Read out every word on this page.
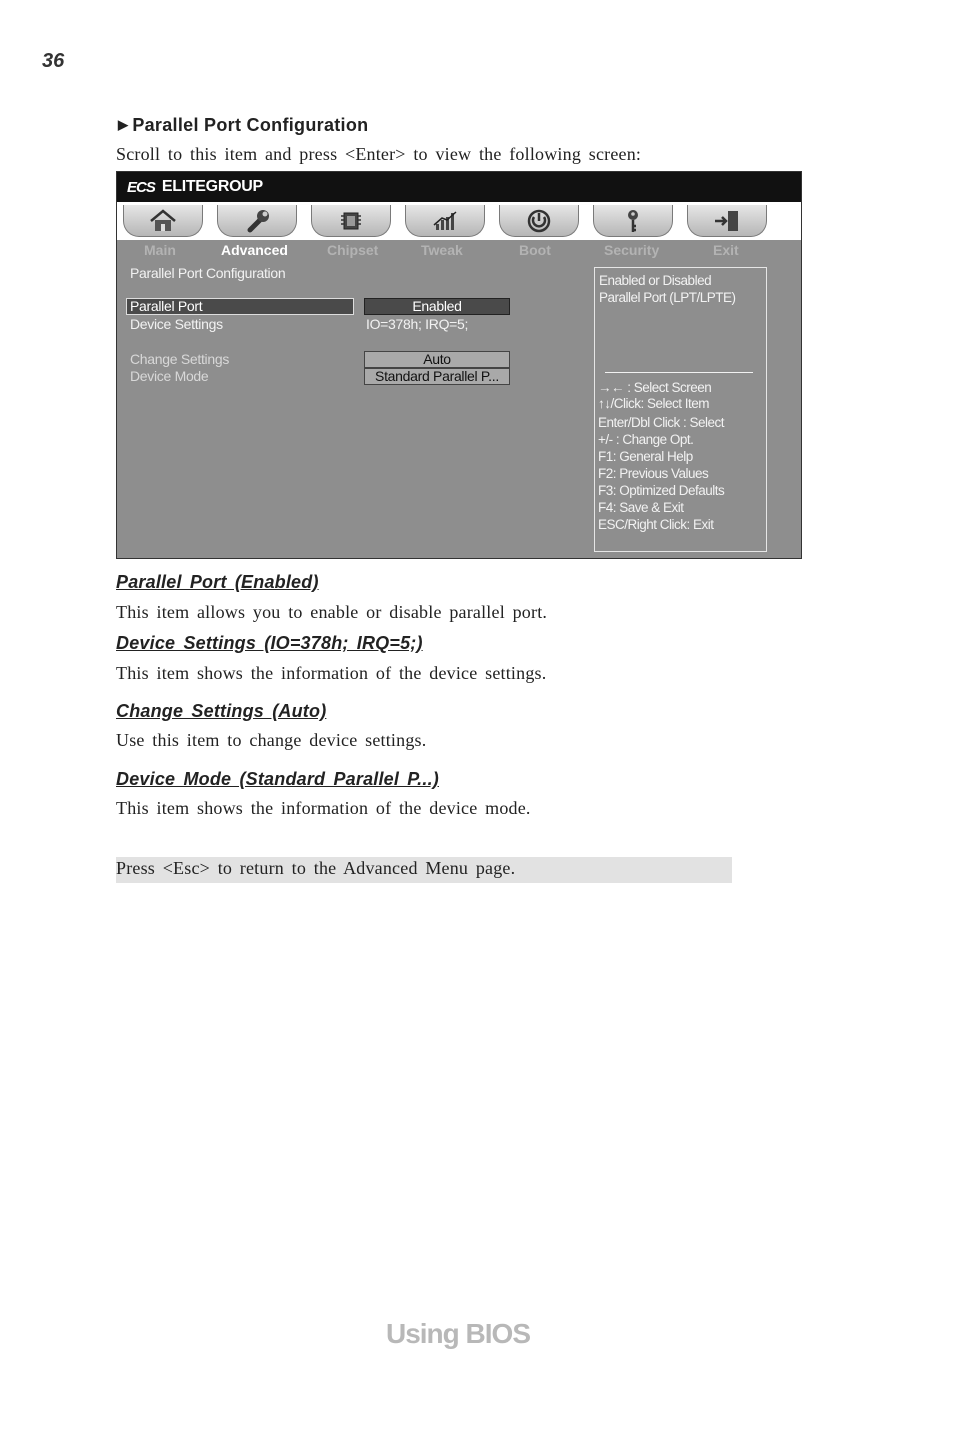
36
▶ Parallel Port Configuration
Scroll to this item and press <Enter> to view the following screen:
ECS ELITEGROUP
Main	Advanced	Chipset	Tweak	Boot	Security	Exit
Parallel Port Configuration
Parallel Port	Enabled
Device Settings	IO=378h; IRQ=5;
Change Settings	Auto
Device Mode	Standard Parallel P...
Enabled or Disabled
Parallel Port (LPT/LPTE)
→← : Select Screen
↑↓/Click: Select Item
Enter/Dbl Click : Select
+/- : Change Opt.
F1: General Help
F2: Previous Values
F3: Optimized Defaults
F4: Save & Exit
ESC/Right Click: Exit
Parallel Port (Enabled)
This item allows you to enable or disable parallel port.
Device Settings (IO=378h; IRQ=5;)
This item shows the information of the device settings.
Change Settings (Auto)
Use this item to change device settings.
Device Mode (Standard Parallel P...)
This item shows the information of the device mode.
Press <Esc> to return to the Advanced Menu page.
Using BIOS
